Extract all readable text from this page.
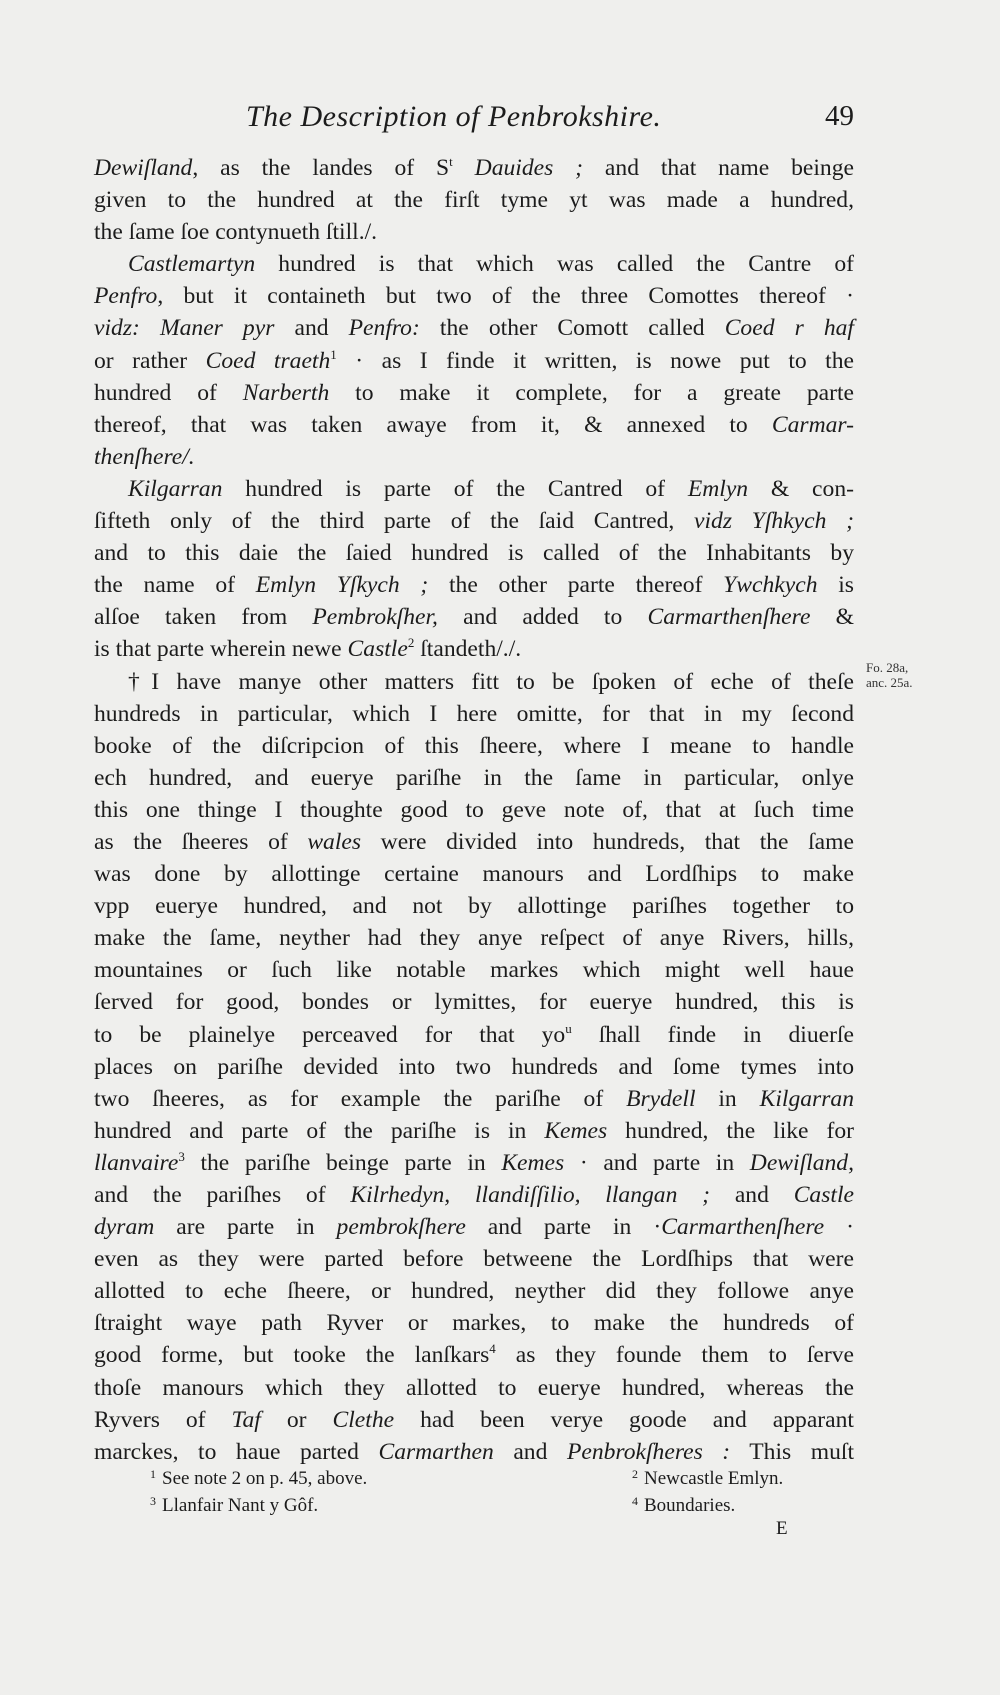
The Description of Penbrokshire.	49
Dewiſland, as the landes of $S^t$ Dauides ; and that name beinge
given to the hundred at the firſt tyme yt was made a hundred,
the ſame ſoe contynueth ſtill./.
Castlemartyn hundred is that which was called the Cantre of
Penfro, but it containeth but two of the three Comottes thereof ·
vidz: Maner pyr and Penfro: the other Comott called Coed r haf
or rather Coed traeth$^1$ · as I finde it written, is nowe put to the
hundred of Narberth to make it complete, for a greate parte
thereof, that was taken awaye from it, & annexed to Carmar-
thenſhere/.
Kilgarran hundred is parte of the Cantred of Emlyn & con-
ſifteth only of the third parte of the ſaid Cantred, vidz Yſhkych ;
and to this daie the ſaied hundred is called of the Inhabitants by
the name of Emlyn Yſkych ; the other parte thereof Ywchkych is
alſoe taken from Pembrokſher, and added to Carmarthenſhere &
is that parte wherein newe Castle$^2$ ſtandeth/./.
†I have manye other matters fitt to be ſpoken of eche of theſe
hundreds in particular, which I here omitte, for that in my ſecond
booke of the diſcripcion of this ſheere, where I meane to handle
ech hundred, and euerye pariſhe in the ſame in particular, onlye
this one thinge I thoughte good to geve note of, that at ſuch time
as the ſheeres of wales were divided into hundreds, that the ſame
was done by allottinge certaine manours and Lordſhips to make
vpp euerye hundred, and not by allottinge pariſhes together to
make the ſame, neyther had they anye reſpect of anye Rivers, hills,
mountaines or ſuch like notable markes which might well haue
ſerved for good, bondes or lymittes, for euerye hundred, this is
to be plainelye perceaved for that $yo^u$ ſhall finde in diuerſe
places on pariſhe devided into two hundreds and ſome tymes into
two ſheeres, as for example the pariſhe of Brydell in Kilgarran
hundred and parte of the pariſhe is in Kemes hundred, the like for
llanvaire$^3$ the pariſhe beinge parte in Kemes · and parte in Dewiſland,
and the pariſhes of Kilrhedyn, llandiſſilio, llangan ; and Castle
dyram are parte in pembrokſhere and parte in ·Carmarthenſhere ·
even as they were parted before betweene the Lordſhips that were
allotted to eche ſheere, or hundred, neyther did they followe anye
ſtraight waye path Ryver or markes, to make the hundreds of
good forme, but tooke the lanſkars$^4$ as they founde them to ſerve
thoſe manours which they allotted to euerye hundred, whereas the
Ryvers of Taf or Clethe had been verye goode and apparant
marckes, to haue parted Carmarthen and Penbrokſheres : This muſt
Fo. 28a,
anc. 25a.
$^1$ See note 2 on p. 45, above.	$^2$ Newcastle Emlyn.
$^3$ Llanfair Nant y Gôf.	$^4$ Boundaries.
E
